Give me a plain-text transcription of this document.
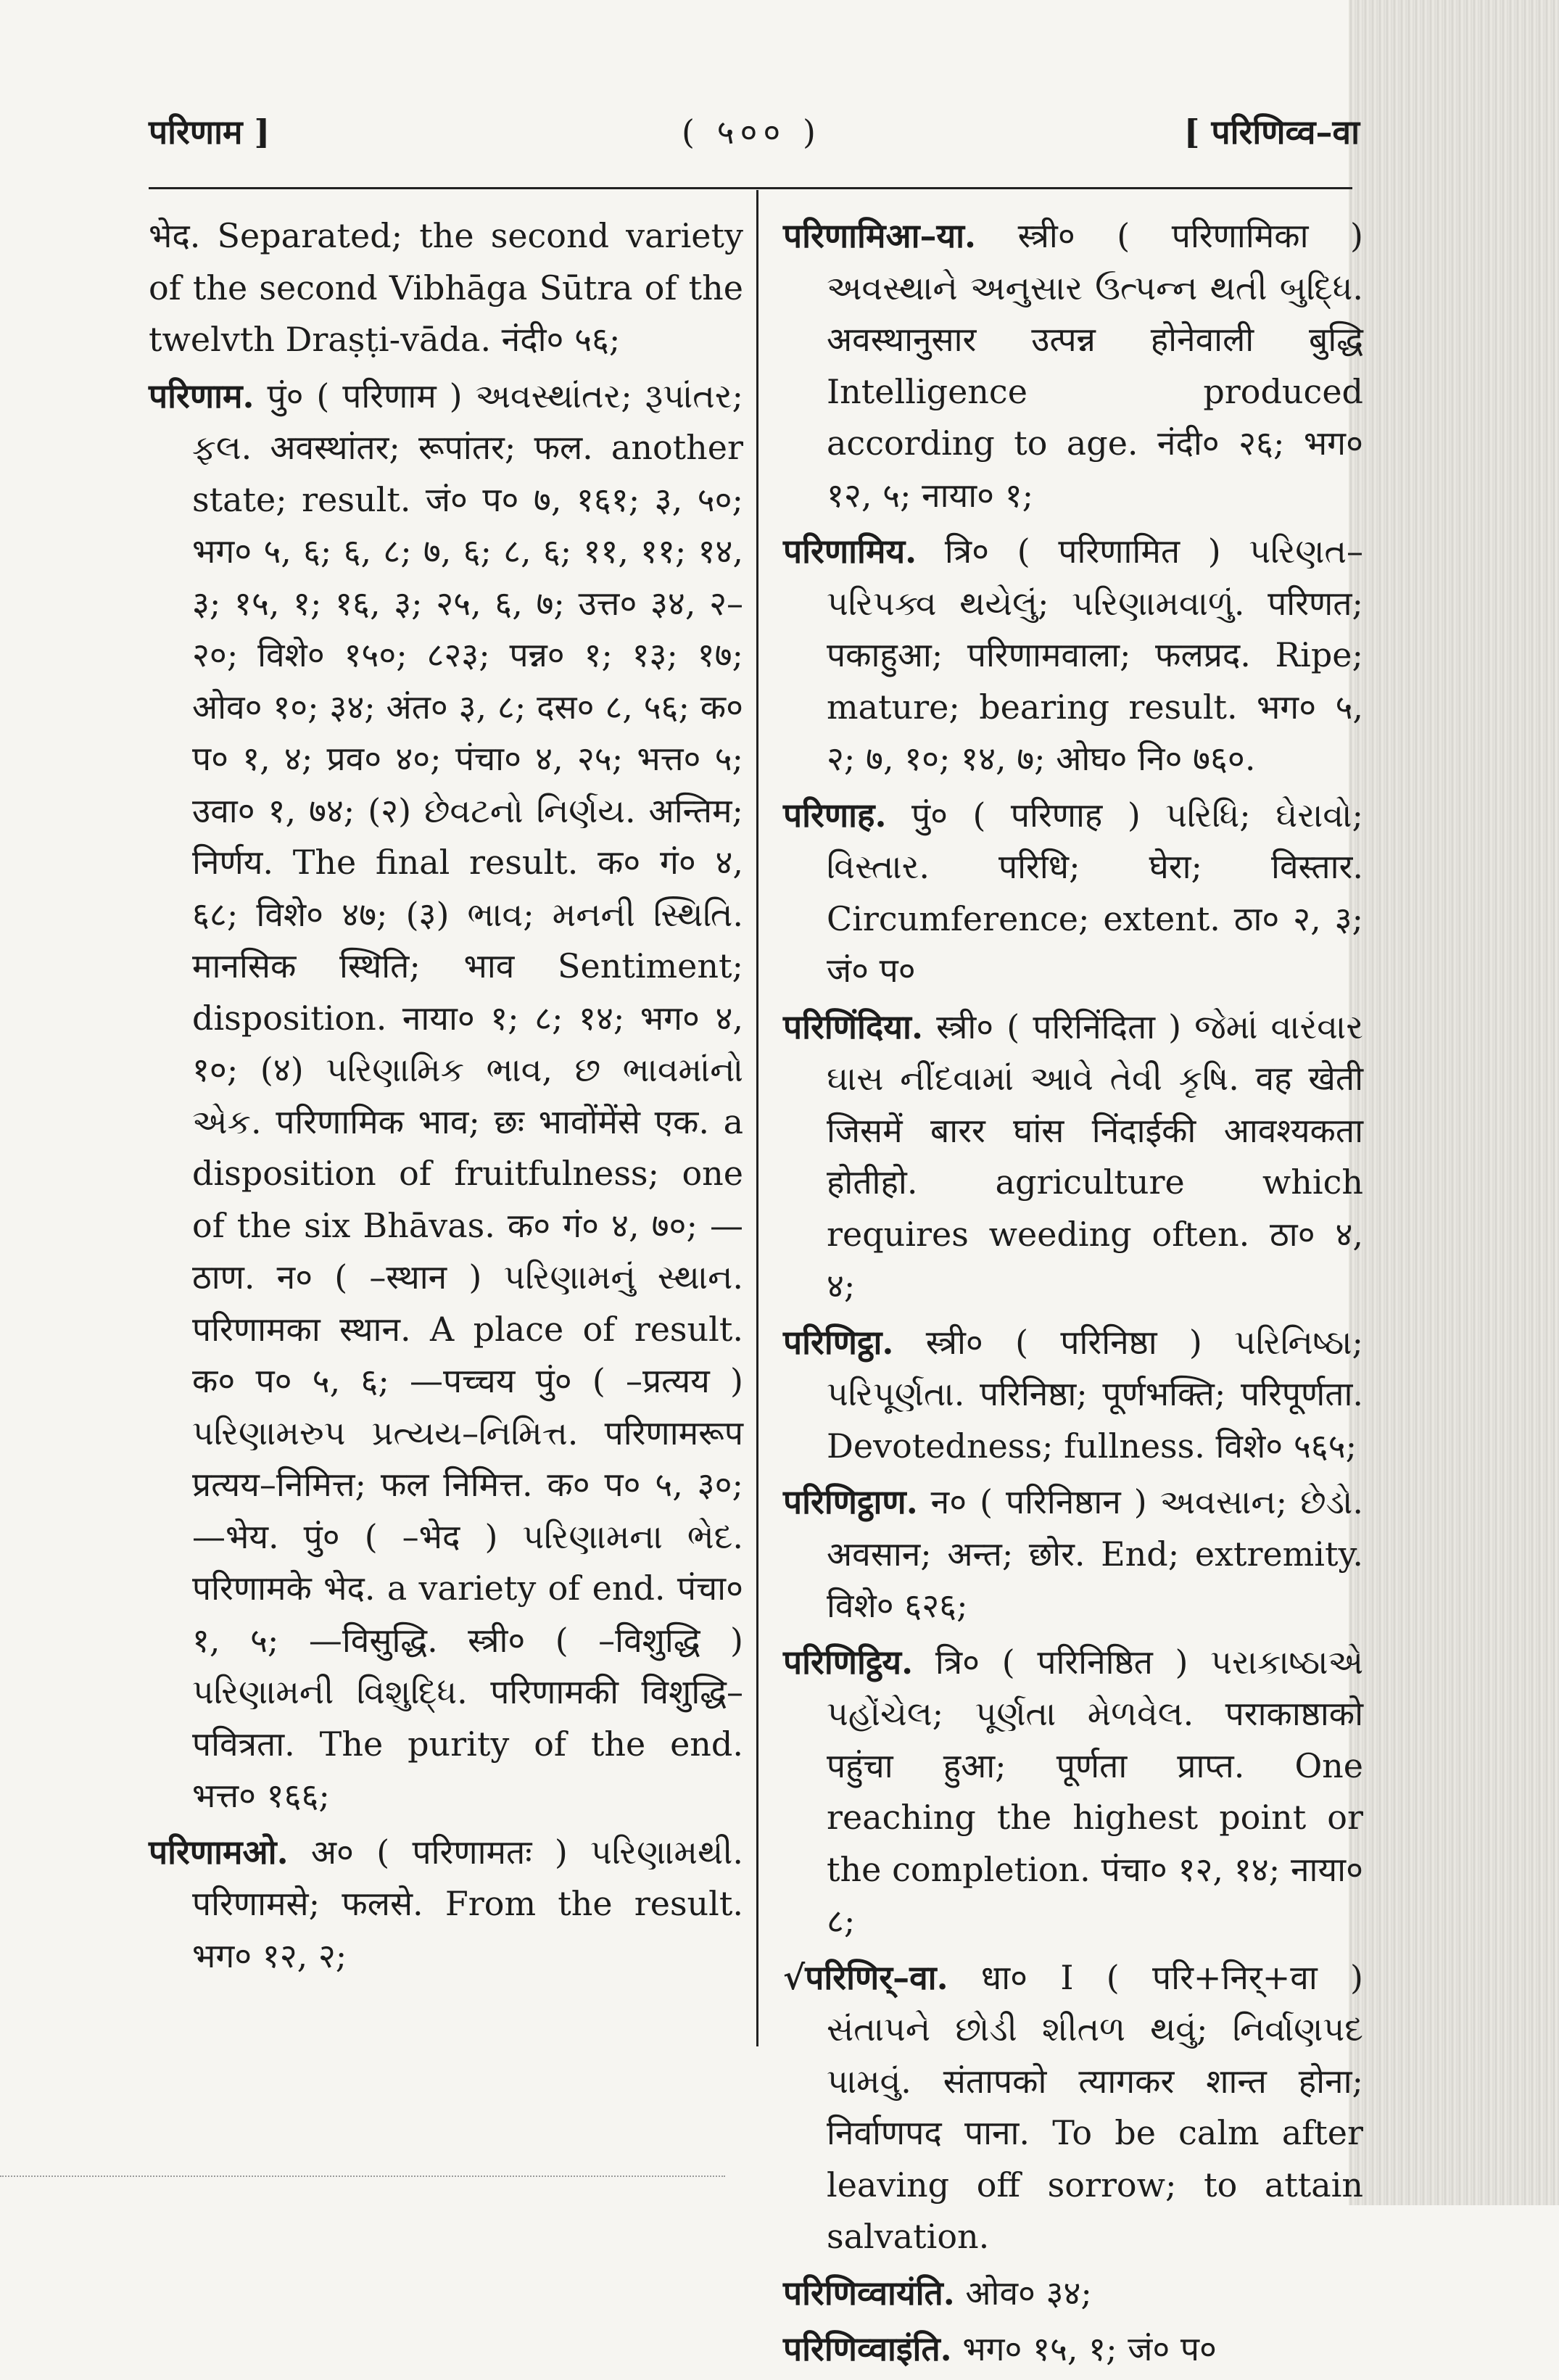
परिणाम ]	( ५०० )	[ परिणिव्व–वा

भेद. Separated; the second variety of the second Vibhāga Sūtra of the twelvth Draṣṭi-vāda. नंदी० ५६;

परिणाम. पुं० ( परिणाम ) અવસ્થાંતર; રૂપાંતર; ફલ. अवस्थांतर; रूपांतर; फल. another state; result. जं० प० ७, १६१; ३, ५०; भग० ५, ६; ६, ८; ७, ६; ८, ६; ११, ११; १४, ३; १५, १; १६, ३; २५, ६, ७; उत्त० ३४, २–२०; विशे० १५०; ८२३; पन्न० १; १३; १७; ओव० १०; ३४; अंत० ३, ८; दस० ८, ५६; क० प० १, ४; प्रव० ४०; पंचा० ४, २५; भत्त० ५; उवा० १, ७४; (२) છેવટનો નિર્ણય. अन्तिम; निर्णय. The final result. क० गं० ४, ६८; विशे० ४७; (३) ભાવ; મનની સ્થિતિ. मानसिक स्थिति; भाव Sentiment; disposition. नाया० १; ८; १४; भग० ४, १०; (४) પરિણામિક ભાવ, છ ભાવમાંનો એક. परिणामिक भाव; छः भावोंमेंसे एक. a disposition of fruitfulness; one of the six Bhāvas. क० गं० ४, ७०; —ठाण. न० ( –स्थान ) પરિણામનું સ્થાન. परिणामका स्थान. A place of result. क० प० ५, ६; —पच्चय पुं० ( –प्रत्यय ) પરિણામરુપ પ્રત્યય–નિમિત્ત. परिणामरूप प्रत्यय–निमित्त; फल निमित्त. क० प० ५, ३०; —भेय. पुं० ( –भेद ) પરિણામના ભેદ. परिणामके भेद. a variety of end. पंचा० १, ५; —विसुद्धि. स्त्री० ( –विशुद्धि ) પરિણામની વિશુદ્ધિ. परिणामकी विशुद्धि–पवित्रता. The purity of the end. भत्त० १६६;

परिणामओ. अ० ( परिणामतः ) પરિણામથી. परिणामसे; फलसे. From the result. भग० १२, २;

परिणामिआ–या. स्त्री० ( परिणामिका ) અવસ્થાને અનુસાર ઉત્પન્ન થતી બુદ્ધિ. अवस्थानुसार उत्पन्न होनेवाली बुद्धि Intelligence produced according to age. नंदी० २६; भग० १२, ५; नाया० १;

परिणामिय. त्रि० ( परिणामित ) પરિણત–પરિપક્વ થયેલું; પરિણામવાળું. परिणत; पकाहुआ; परिणामवाला; फलप्रद. Ripe; mature; bearing result. भग० ५, २; ७, १०; १४, ७; ओघ० नि० ७६०.

परिणाह. पुं० ( परिणाह ) પરિધિ; ઘેરાવો; વિસ્તાર. परिधि; घेरा; विस्तार. Circumference; extent. ठा० २, ३; जं० प०

परिणिंदिया. स्त्री० ( परिनिंदिता ) જેમાં વારંવાર ઘાસ નીંદવામાં આવે તેવી કૃષિ. वह खेती जिसमें बारर घांस निंदाईकी आवश्यकता होतीहो. agriculture which requires weeding often. ठा० ४, ४;

परिणिट्ठा. स्त्री० ( परिनिष्ठा ) પરિનિષ્ઠા; પરિપૂર્ણતા. परिनिष्ठा; पूर्णभक्ति; परिपूर्णता. Devotedness; fullness. विशे० ५६५;

परिणिट्ठाण. न० ( परिनिष्ठान ) અવસાન; છેડો. अवसान; अन्त; छोर. End; extremity. विशे० ६२६;

परिणिट्ठिय. त्रि० ( परिनिष्ठित ) પરાકાષ્ઠાએ પહોંચેલ; પૂર્ણતા મેળવેલ. पराकाष्ठाको पहुंचा हुआ; पूर्णता प्राप्त. One reaching the highest point or the completion. पंचा० १२, १४; नाया० ८;

√परिणिर्–वा. धा० I ( परि+निर्+वा ) સંતાપને છોડી શીતળ થવું; નિર્વાણપદ પામવું. संतापको त्यागकर शान्त होना; निर्वाणपद पाना. To be calm after leaving off sorrow; to attain salvation.

परिणिव्वायंति. ओव० ३४;

परिणिव्वाइंति. भग० १५, १; जं० प०
